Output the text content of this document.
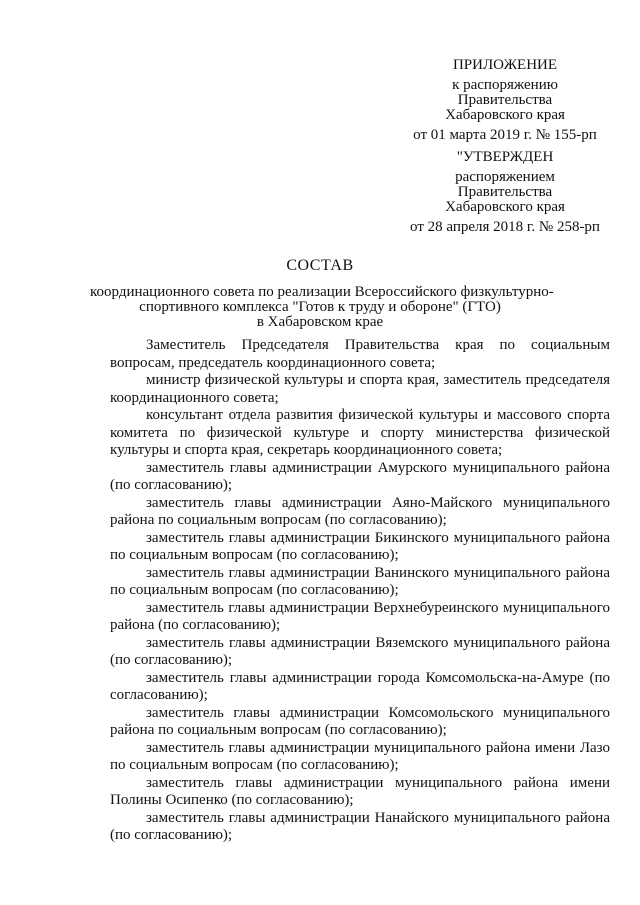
ПРИЛОЖЕНИЕ
к распоряжению
Правительства
Хабаровского края
от 01 марта 2019 г. № 155-рп
"УТВЕРЖДЕН
распоряжением
Правительства
Хабаровского края
от 28 апреля 2018 г. № 258-рп
СОСТАВ
координационного совета по реализации Всероссийского физкультурно-
спортивного комплекса "Готов к труду и обороне" (ГТО)
в Хабаровском крае

Заместитель Председателя Правительства края по социальным вопросам, председатель координационного совета;

министр физической культуры и спорта края, заместитель председателя координационного совета;

консультант отдела развития физической культуры и массового спорта комитета по физической культуре и спорту министерства физической культуры и спорта края, секретарь координационного совета;

заместитель главы администрации Амурского муниципального района (по согласованию);

заместитель главы администрации Аяно-Майского муниципального района по социальным вопросам (по согласованию);

заместитель главы администрации Бикинского муниципального района по социальным вопросам (по согласованию);

заместитель главы администрации Ванинского муниципального района по социальным вопросам (по согласованию);

заместитель главы администрации Верхнебуреинского муниципального района (по согласованию);

заместитель главы администрации Вяземского муниципального района (по согласованию);

заместитель главы администрации города Комсомольска-на-Амуре (по согласованию);

заместитель главы администрации Комсомольского муниципального района по социальным вопросам (по согласованию);

заместитель главы администрации муниципального района имени Лазо по социальным вопросам (по согласованию);

заместитель главы администрации муниципального района имени Полины Осипенко (по согласованию);

заместитель главы администрации Нанайского муниципального района (по согласованию);
